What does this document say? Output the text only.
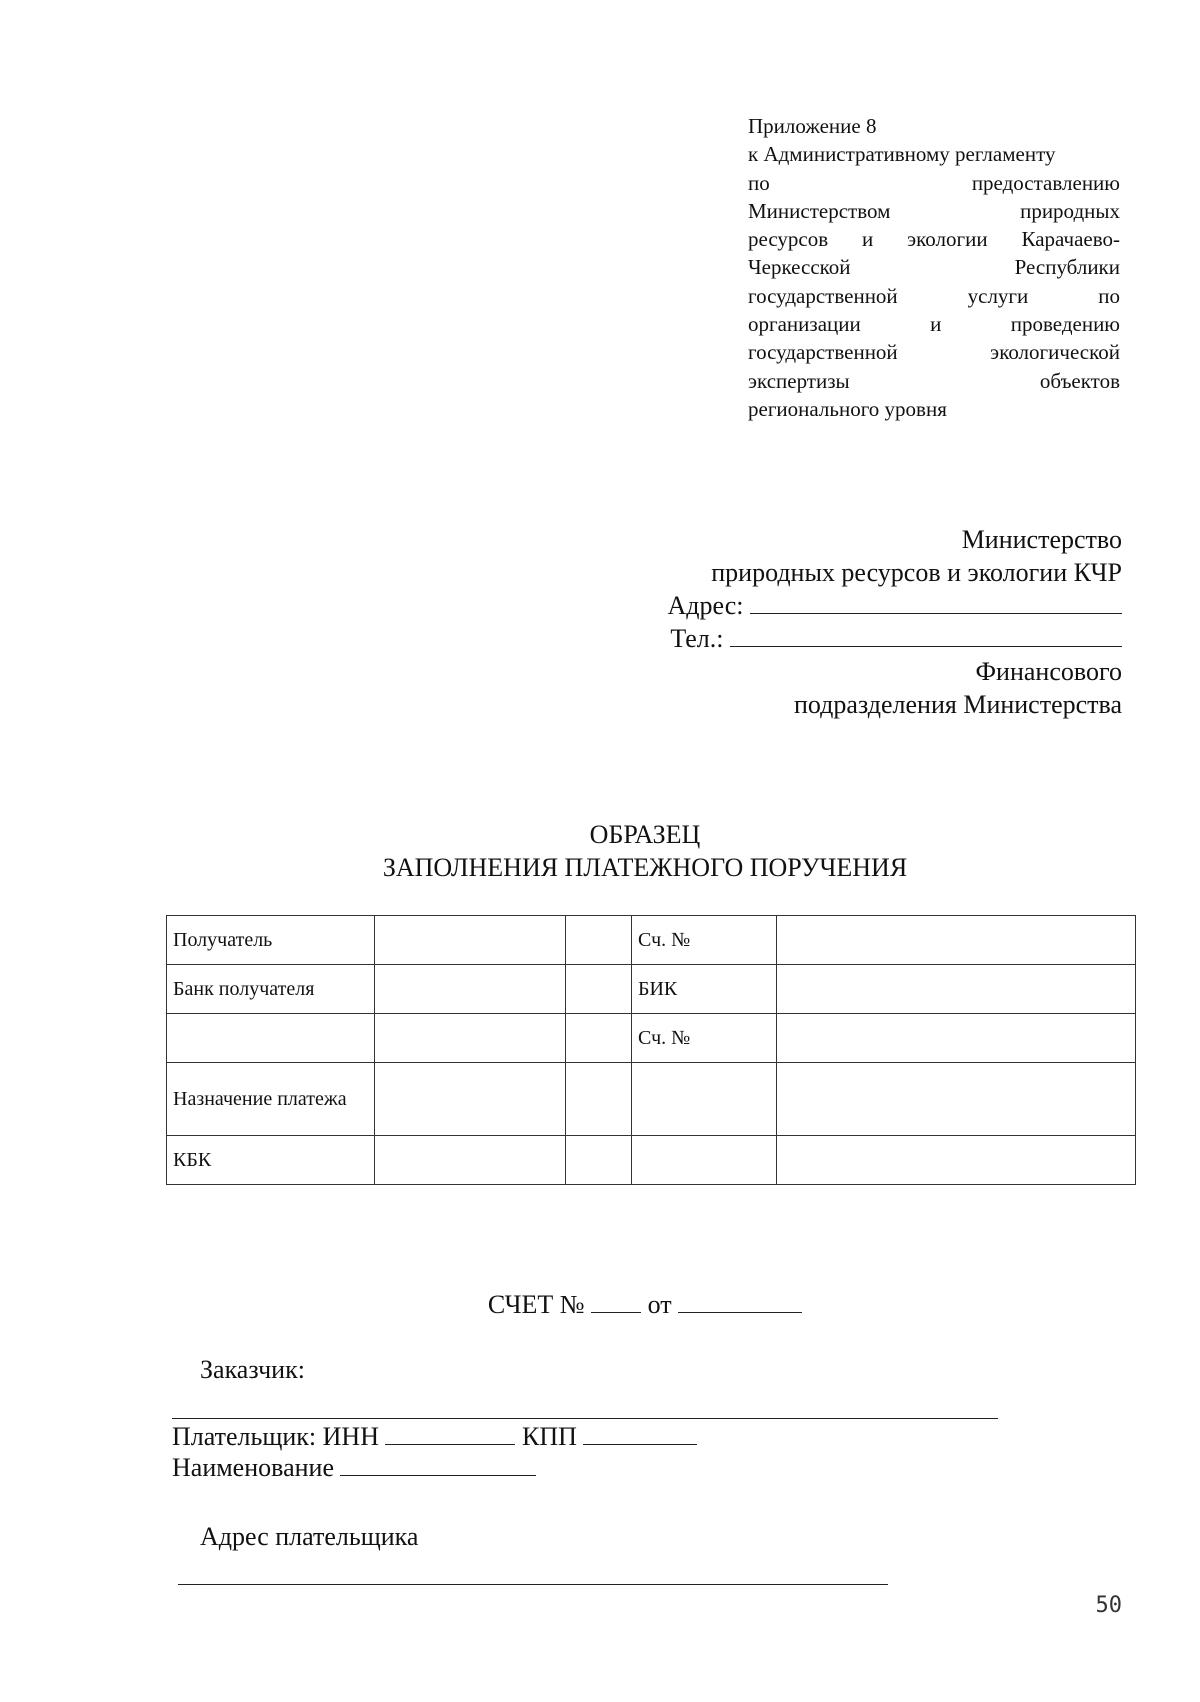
Приложение 8
к Административному регламенту
по предоставлению
Министерством природных
ресурсов и экологии Карачаево-
Черкесской Республики
государственной услуги по
организации и проведению
государственной экологической
экспертизы объектов
регионального уровня
Министерство
природных ресурсов и экологии КЧР
Адрес:
Тел.:
Финансового
подразделения Министерства
ОБРАЗЕЦ
ЗАПОЛНЕНИЯ ПЛАТЕЖНОГО ПОРУЧЕНИЯ
Получатель			Сч. №	
Банк получателя			БИК	
			Сч. №	
Назначение платежа				
КБК				
СЧЕТ № от
Заказчик:
Плательщик: ИНН	КПП
Наименование
Адрес плательщика
50
